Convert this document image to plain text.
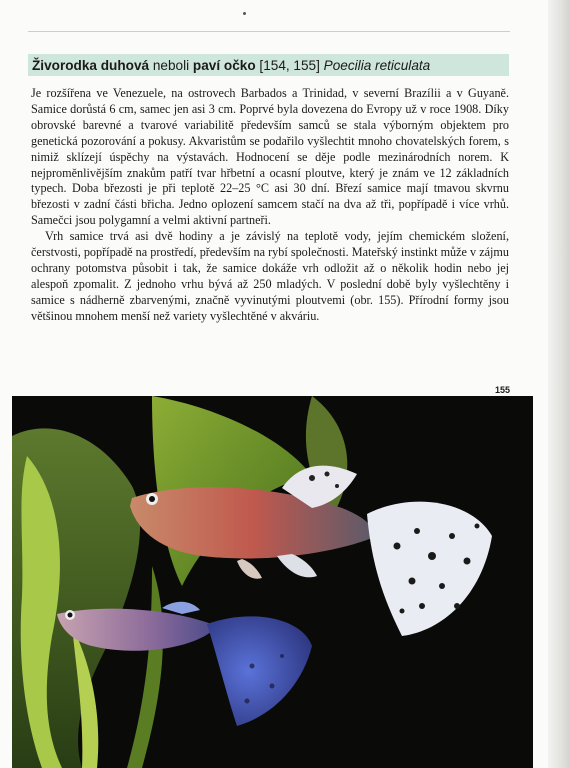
Živorodka duhová neboli paví očko [154, 155] Poecilia reticulata

Je rozšířena ve Venezuele, na ostrovech Barbados a Trinidad, v severní Brazílii a v Guyaně. Samice dorůstá 6 cm, samec jen asi 3 cm. Poprvé byla dovezena do Evropy už v roce 1908. Díky obrovské barevné a tvarové variabilitě především samců se stala výborným objektem pro genetická pozorování a pokusy. Akvaristům se podařilo vyšlechtit mnoho chovatelských forem, s nimiž sklízejí úspěchy na výstavách. Hodnocení se děje podle mezinárodních norem. K nejproměnlivějším znakům patří tvar hřbetní a ocasní ploutve, který je znám ve 12 základních typech. Doba březosti je při teplotě 22–25 °C asi 30 dní. Březí samice mají tmavou skvrnu březosti v zadní části břicha. Jedno oplození samcem stačí na dva až tři, popřípadě i více vrhů. Samečci jsou polygamní a velmi aktivní partneři.

Vrh samice trvá asi dvě hodiny a je závislý na teplotě vody, jejím chemickém složení, čerstvosti, popřípadě na prostředí, především na rybí společnosti. Mateřský instinkt může v zájmu ochrany potomstva působit i tak, že samice dokáže vrh odložit až o několik hodin nebo jej alespoň zpomalit. Z jednoho vrhu bývá až 250 mladých. V poslední době byly vyšlechtěny i samice s nádherně zbarvenými, značně vyvinutými ploutvemi (obr. 155). Přírodní formy jsou většinou mnohem menší než variety vyšlechtěné v akváriu.

155
